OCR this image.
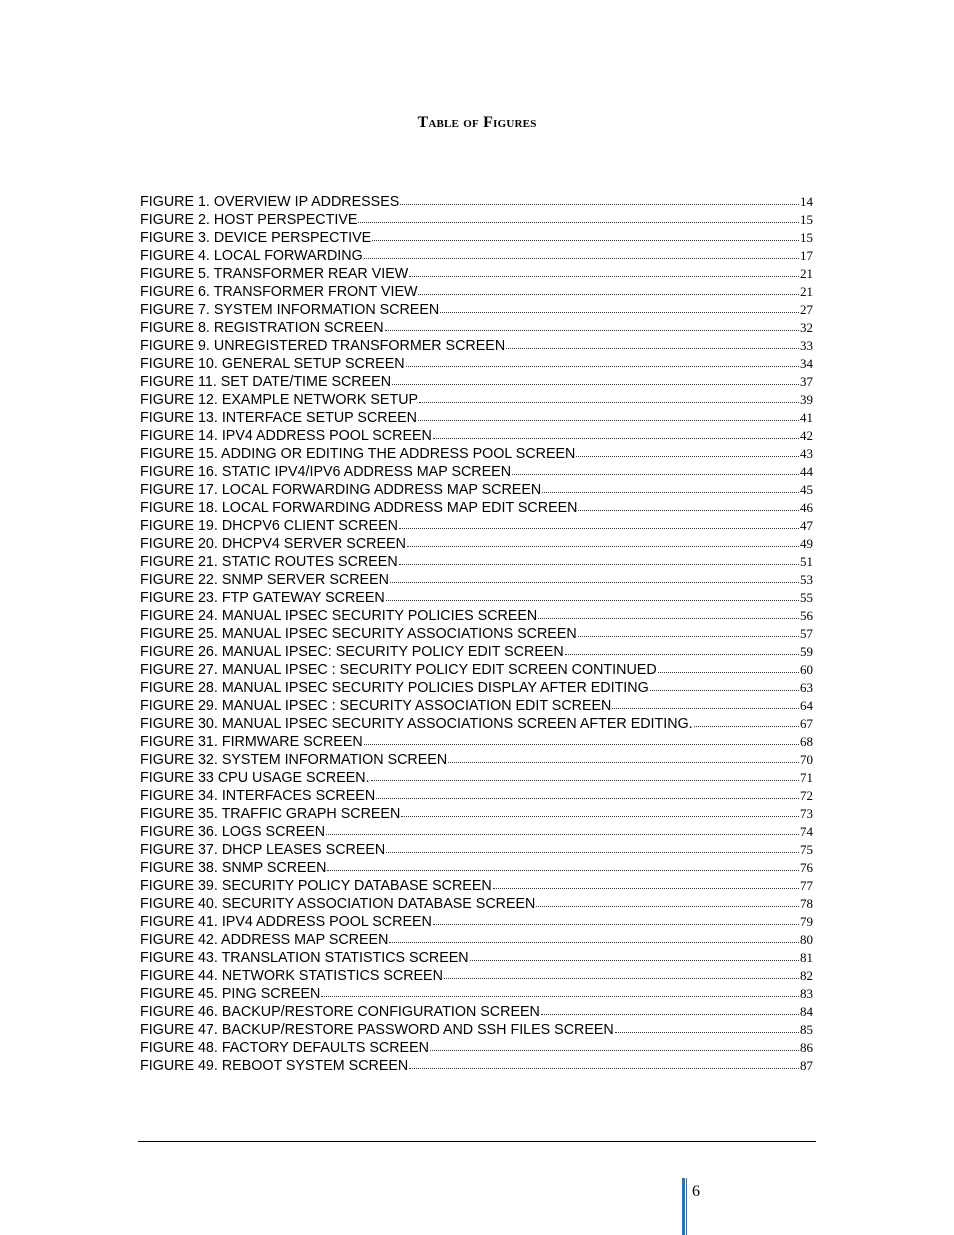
Table of Figures
FIGURE 1. OVERVIEW IP ADDRESSES	14
FIGURE 2. HOST PERSPECTIVE	15
FIGURE 3. DEVICE PERSPECTIVE	15
FIGURE 4. LOCAL FORWARDING	17
FIGURE 5. TRANSFORMER REAR VIEW	21
FIGURE 6. TRANSFORMER FRONT VIEW	21
FIGURE 7. SYSTEM INFORMATION SCREEN	27
FIGURE 8. REGISTRATION SCREEN	32
FIGURE 9. UNREGISTERED TRANSFORMER SCREEN	33
FIGURE 10. GENERAL SETUP SCREEN	34
FIGURE 11. SET DATE/TIME SCREEN	37
FIGURE 12. EXAMPLE NETWORK SETUP	39
FIGURE 13. INTERFACE SETUP SCREEN	41
FIGURE 14. IPV4 ADDRESS POOL SCREEN	42
FIGURE 15. ADDING OR EDITING THE ADDRESS POOL SCREEN	43
FIGURE 16. STATIC IPV4/IPV6 ADDRESS MAP SCREEN	44
FIGURE 17. LOCAL FORWARDING ADDRESS MAP SCREEN	45
FIGURE 18. LOCAL FORWARDING ADDRESS MAP EDIT SCREEN	46
FIGURE 19. DHCPV6 CLIENT SCREEN	47
FIGURE 20. DHCPV4 SERVER SCREEN	49
FIGURE 21. STATIC ROUTES SCREEN	51
FIGURE 22. SNMP SERVER SCREEN	53
FIGURE 23. FTP GATEWAY SCREEN	55
FIGURE 24. MANUAL IPSEC SECURITY POLICIES SCREEN	56
FIGURE 25. MANUAL IPSEC SECURITY ASSOCIATIONS SCREEN	57
FIGURE 26. MANUAL IPSEC: SECURITY POLICY EDIT SCREEN	59
FIGURE 27. MANUAL IPSEC : SECURITY POLICY EDIT SCREEN CONTINUED	60
FIGURE 28. MANUAL IPSEC SECURITY POLICIES DISPLAY AFTER EDITING	63
FIGURE 29. MANUAL IPSEC : SECURITY ASSOCIATION EDIT SCREEN	64
FIGURE 30. MANUAL IPSEC SECURITY ASSOCIATIONS SCREEN AFTER EDITING.	67
FIGURE 31. FIRMWARE SCREEN	68
FIGURE 32. SYSTEM INFORMATION SCREEN	70
FIGURE 33 CPU USAGE SCREEN.	71
FIGURE 34. INTERFACES SCREEN	72
FIGURE 35. TRAFFIC GRAPH SCREEN	73
FIGURE 36. LOGS SCREEN	74
FIGURE 37. DHCP LEASES SCREEN	75
FIGURE 38. SNMP SCREEN	76
FIGURE 39. SECURITY POLICY DATABASE SCREEN	77
FIGURE 40. SECURITY ASSOCIATION DATABASE SCREEN	78
FIGURE 41. IPV4 ADDRESS POOL SCREEN	79
FIGURE 42. ADDRESS MAP SCREEN	80
FIGURE 43. TRANSLATION STATISTICS SCREEN	81
FIGURE 44. NETWORK STATISTICS SCREEN	82
FIGURE 45. PING SCREEN	83
FIGURE 46. BACKUP/RESTORE CONFIGURATION SCREEN	84
FIGURE 47. BACKUP/RESTORE PASSWORD AND SSH FILES SCREEN	85
FIGURE 48. FACTORY DEFAULTS SCREEN	86
FIGURE 49. REBOOT SYSTEM SCREEN	87
6
